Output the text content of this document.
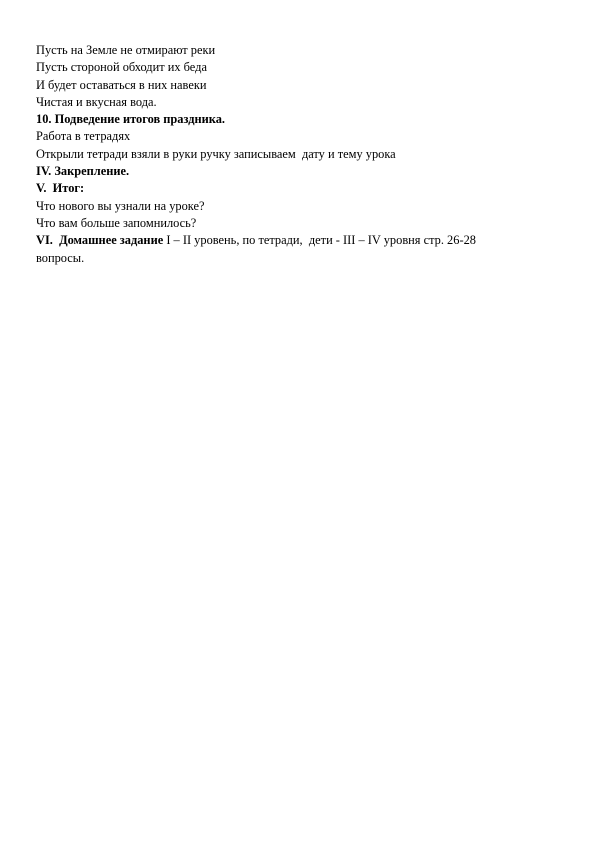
Пусть на Земле не отмирают реки
Пусть стороной обходит их беда
И будет оставаться в них навеки
Чистая и вкусная вода.
10. Подведение итогов праздника.
Работа в тетрадях
Открыли тетради взяли в руки ручку записываем  дату и тему урока
IV. Закрепление.
V.  Итог:
Что нового вы узнали на уроке?
Что вам больше запомнилось?
VI.  Домашнее задание I – II уровень, по тетради,  дети - III – IV уровня стр. 26-28
вопросы.
